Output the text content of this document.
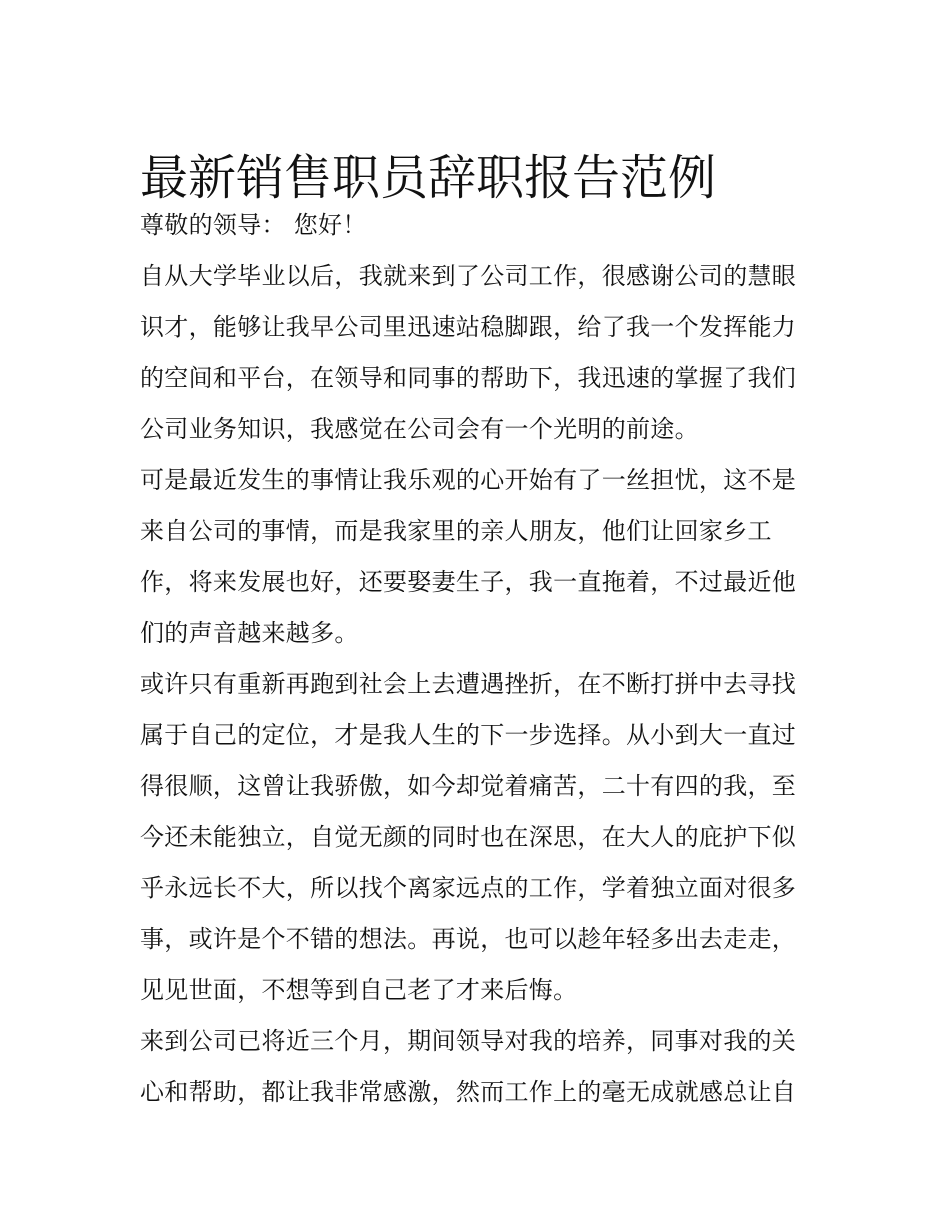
最新销售职员辞职报告范例
尊敬的领导： 您好！
自从大学毕业以后，我就来到了公司工作，很感谢公司的慧眼
识才，能够让我早公司里迅速站稳脚跟，给了我一个发挥能力
的空间和平台，在领导和同事的帮助下，我迅速的掌握了我们
公司业务知识，我感觉在公司会有一个光明的前途。
可是最近发生的事情让我乐观的心开始有了一丝担忧，这不是
来自公司的事情，而是我家里的亲人朋友，他们让回家乡工
作，将来发展也好，还要娶妻生子，我一直拖着，不过最近他
们的声音越来越多。
或许只有重新再跑到社会上去遭遇挫折，在不断打拼中去寻找
属于自己的定位，才是我人生的下一步选择。从小到大一直过
得很顺，这曾让我骄傲，如今却觉着痛苦，二十有四的我，至
今还未能独立，自觉无颜的同时也在深思，在大人的庇护下似
乎永远长不大，所以找个离家远点的工作，学着独立面对很多
事，或许是个不错的想法。再说，也可以趁年轻多出去走走，
见见世面，不想等到自己老了才来后悔。
来到公司已将近三个月，期间领导对我的培养，同事对我的关
心和帮助，都让我非常感激，然而工作上的毫无成就感总让自
